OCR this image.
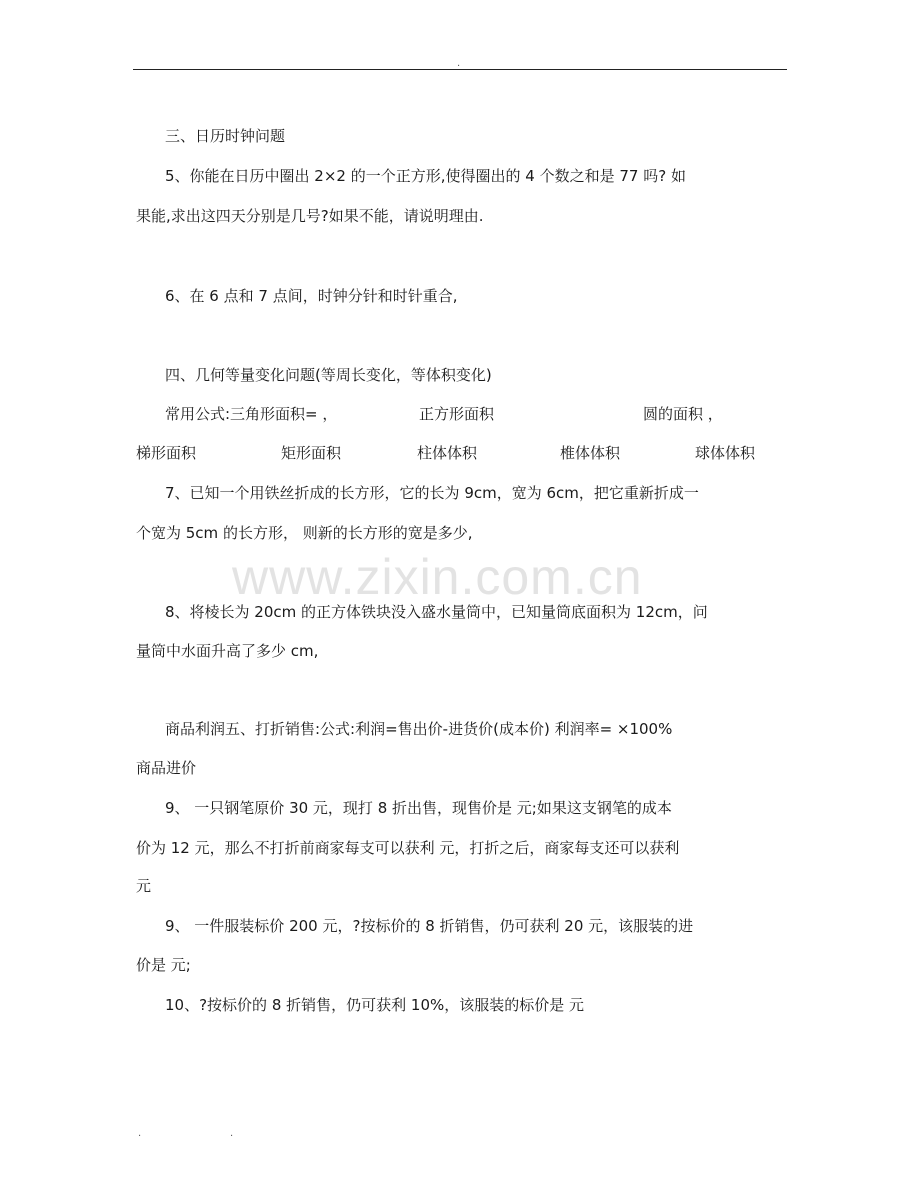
.
www.zixin.com.cn
三、日历时钟问题
5、你能在日历中圈出 2×2 的一个正方形,使得圈出的 4 个数之和是 77 吗? 如
果能,求出这四天分别是几号?如果不能，请说明理由.
6、在 6 点和 7 点间，时钟分针和时针重合,
四、几何等量变化问题(等周长变化，等体积变化)
常用公式:三角形面积= ，	正方形面积	圆的面积 ，
梯形面积	矩形面积	柱体体积	椎体体积	球体体积
7、已知一个用铁丝折成的长方形，它的长为 9cm，宽为 6cm，把它重新折成一
个宽为 5cm 的长方形， 则新的长方形的宽是多少,
8、将棱长为 20cm 的正方体铁块没入盛水量筒中，已知量筒底面积为 12cm，问
量筒中水面升高了多少 cm,
商品利润五、打折销售:公式:利润=售出价-进货价(成本价) 利润率= ×100%
商品进价
9、 一只钢笔原价 30 元，现打 8 折出售，现售价是 元;如果这支钢笔的成本
价为 12 元，那么不打折前商家每支可以获利 元，打折之后，商家每支还可以获利
元
9、 一件服装标价 200 元，?按标价的 8 折销售，仍可获利 20 元，该服装的进
价是 元;
10、?按标价的 8 折销售，仍可获利 10%，该服装的标价是 元
.	.
